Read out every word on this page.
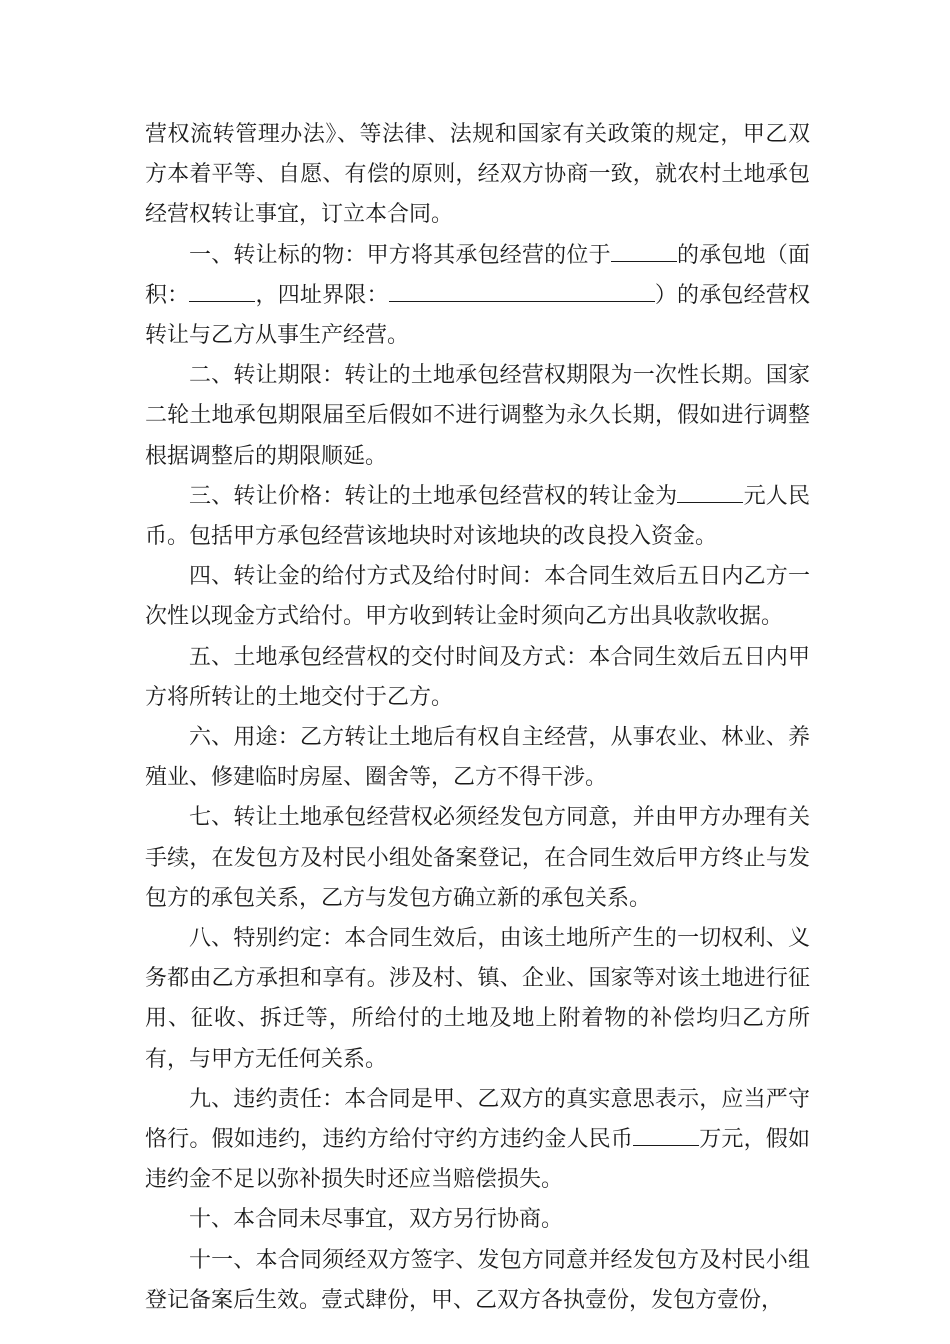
营权流转管理办法》、等法律、法规和国家有关政策的规定，甲乙双方本着平等、自愿、有偿的原则，经双方协商一致，就农村土地承包经营权转让事宜，订立本合同。

一、转让标的物：甲方将其承包经营的位于	的承包地（面积：	，四址界限：	）的承包经营权转让与乙方从事生产经营。

二、转让期限：转让的土地承包经营权期限为一次性长期。国家二轮土地承包期限届至后假如不进行调整为永久长期，假如进行调整根据调整后的期限顺延。

三、转让价格：转让的土地承包经营权的转让金为	元人民币。包括甲方承包经营该地块时对该地块的改良投入资金。

四、转让金的给付方式及给付时间：本合同生效后五日内乙方一次性以现金方式给付。甲方收到转让金时须向乙方出具收款收据。

五、土地承包经营权的交付时间及方式：本合同生效后五日内甲方将所转让的土地交付于乙方。

六、用途：乙方转让土地后有权自主经营，从事农业、林业、养殖业、修建临时房屋、圈舍等，乙方不得干涉。

七、转让土地承包经营权必须经发包方同意，并由甲方办理有关手续，在发包方及村民小组处备案登记，在合同生效后甲方终止与发包方的承包关系，乙方与发包方确立新的承包关系。

八、特别约定：本合同生效后，由该土地所产生的一切权利、义务都由乙方承担和享有。涉及村、镇、企业、国家等对该土地进行征用、征收、拆迁等，所给付的土地及地上附着物的补偿均归乙方所有，与甲方无任何关系。

九、违约责任：本合同是甲、乙双方的真实意思表示，应当严守恪行。假如违约，违约方给付守约方违约金人民币	万元，假如违约金不足以弥补损失时还应当赔偿损失。

十、本合同未尽事宜，双方另行协商。

十一、本合同须经双方签字、发包方同意并经发包方及村民小组登记备案后生效。壹式肆份，甲、乙双方各执壹份，发包方壹份，
